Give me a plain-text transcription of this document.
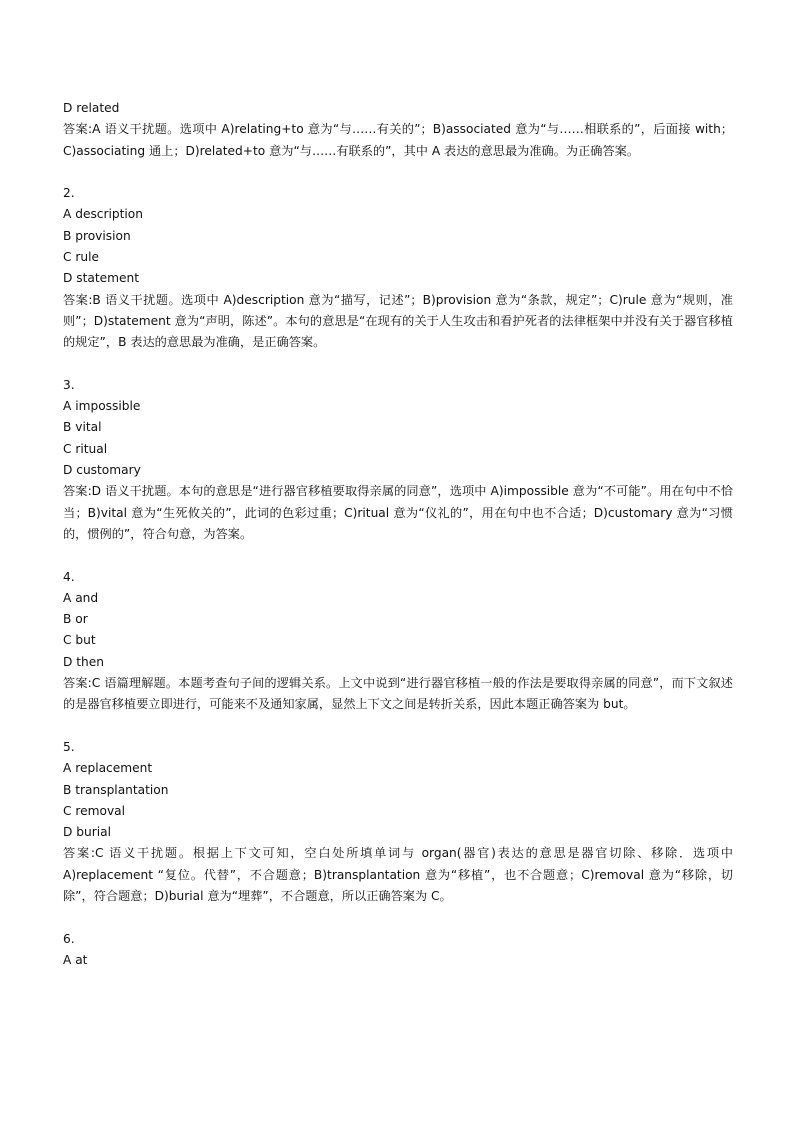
D related
答案:A 语义干扰题。选项中 A)relating+to 意为“与……有关的”；B)associated 意为“与……相联系的”，后面接 with；C)associating 通上；D)related+to 意为“与……有联系的”，其中 A 表达的意思最为准确。为正确答案。
2.
A description
B provision
C rule
D statement
答案:B 语义干扰题。选项中 A)description 意为“描写，记述”；B)provision 意为“条款，规定”；C)rule 意为“规则，准则”；D)statement 意为“声明，陈述”。本句的意思是“在现有的关于人生攻击和看护死者的法律框架中并没有关于器官移植的规定”，B 表达的意思最为准确，是正确答案。
3.
A impossible
B vital
C ritual
D customary
答案:D 语义干扰题。本句的意思是“进行器官移植要取得亲属的同意”，选项中 A)impossible 意为“不可能”。用在句中不恰当；B)vital 意为“生死攸关的”，此词的色彩过重；C)ritual 意为“仪礼的”，用在句中也不合适；D)customary 意为“习惯的，惯例的”，符合句意，为答案。
4.
A and
B or
C but
D then
答案:C 语篇理解题。本题考查句子间的逻辑关系。上文中说到“进行器官移植一般的作法是要取得亲属的同意”，而下文叙述的是器官移植要立即进行，可能来不及通知家属，显然上下文之间是转折关系，因此本题正确答案为 but。
5.
A replacement
B transplantation
C removal
D burial
答案:C 语义干扰题。根据上下文可知，空白处所填单词与 organ(器官)表达的意思是器官切除、移除．选项中 A)replacement “复位。代替”，不合题意；B)transplantation 意为“移植”，也不合题意；C)removal 意为“移除，切除”，符合题意；D)burial 意为“埋葬”，不合题意，所以正确答案为 C。
6.
A at
